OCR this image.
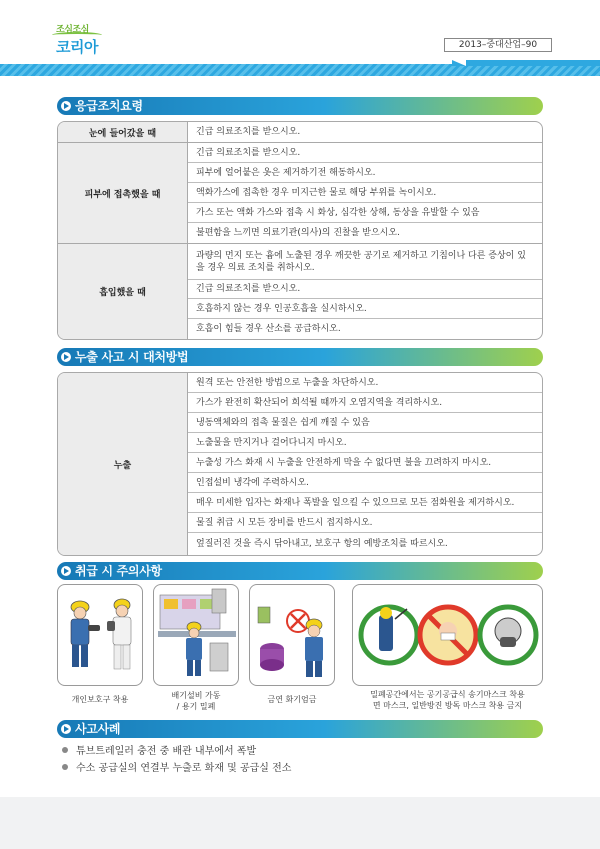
조심조심
코리아	2013–중대산업–90
응급조치요령
눈에 들어갔을 때	긴급 의료조치를 받으시오.
피부에 접촉했을 때
긴급 의료조치를 받으시오.
피부에 얼어붙은 옷은 제거하기전 해동하시오.
액화가스에 접촉한 경우 미지근한 물로 해당 부위를 녹이시오.
가스 또는 액화 가스와 접촉 시 화상, 심각한 상해, 동상을 유발할 수 있음
불편함을 느끼면 의료기관(의사)의 진찰을 받으시오.
흡입했을 때
과량의 먼지 또는 흄에 노출된 경우 깨끗한 공기로 제거하고 기침이나 다른 증상이 있을 경우 의료 조치를 취하시오.
긴급 의료조치를 받으시오.
호흡하지 않는 경우 인공호흡을 실시하시오.
호흡이 힘들 경우 산소를 공급하시오.
누출 사고 시 대처방법
누출
원격 또는 안전한 방법으로 누출을 차단하시오.
가스가 완전히 확산되어 희석될 때까지 오염지역을 격리하시오.
냉동액체와의 접촉 물질은 쉽게 깨질 수 있음
노출물을 만지거나 걸어다니지 마시오.
누출성 가스 화재 시 누출을 안전하게 막을 수 없다면 불을 끄려하지 마시오.
인접설비 냉각에 주력하시오.
매우 미세한 입자는 화재나 폭발을 일으킬 수 있으므로 모든 점화원을 제거하시오.
물질 취급 시 모든 장비를 반드시 접지하시오.
엎질러진 것을 즉시 닦아내고, 보호구 항의 예방조치를 따르시오.
취급 시 주의사항
개인보호구 착용	배기설비 가동
/ 용기 밀폐
금연 화기엄금
밀폐공간에서는 공기공급식 송기마스크 착용
면 마스크, 일반방진 방독 마스크 착용 금지
사고사례
튜브트레일러 충전 중 배관 내부에서 폭발
수소 공급실의 연결부 누출로 화재 및 공급실 전소
